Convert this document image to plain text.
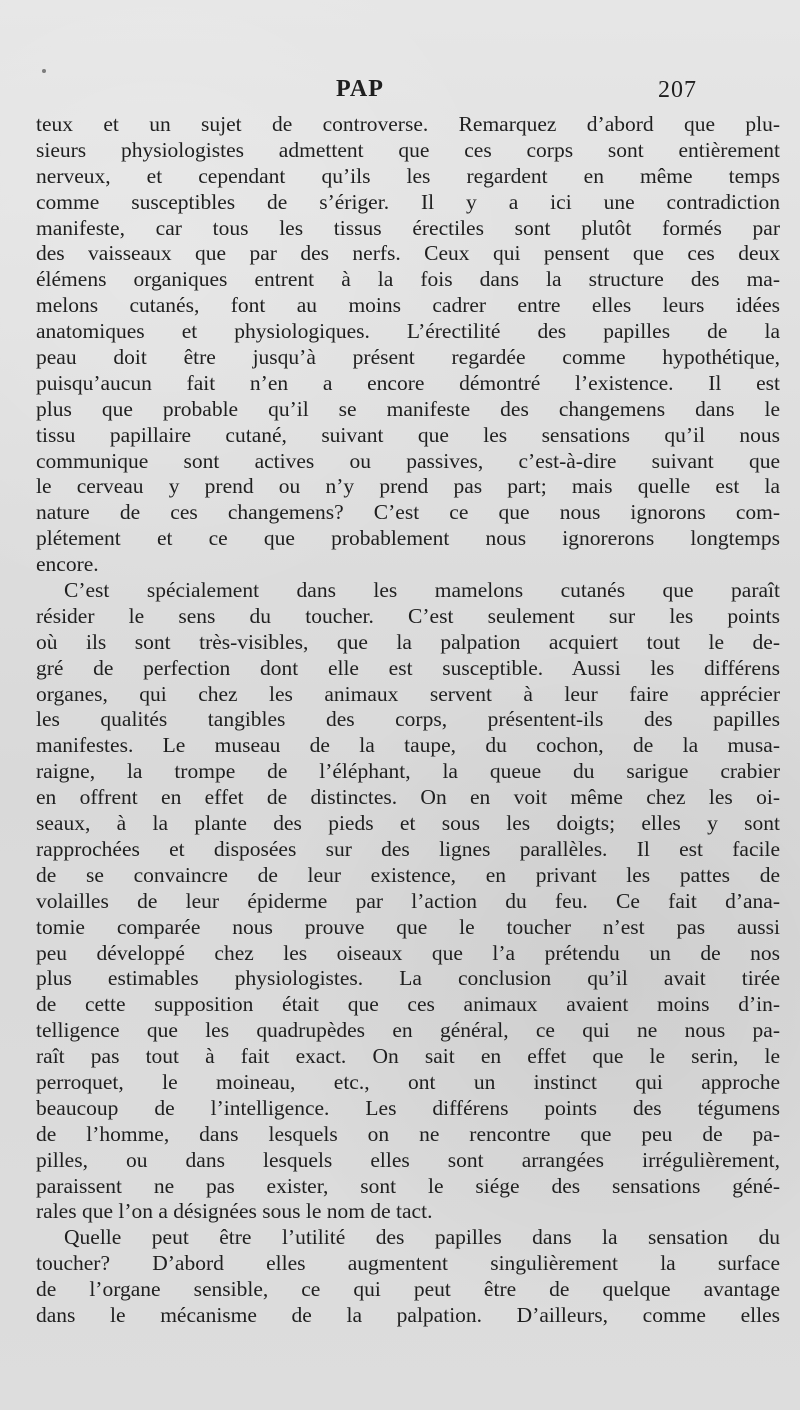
PAP	207
teux et un sujet de controverse. Remarquez d’abord que plu-
sieurs physiologistes admettent que ces corps sont entièrement
nerveux, et cependant qu’ils les regardent en même temps
comme susceptibles de s’ériger. Il y a ici une contradiction
manifeste, car tous les tissus érectiles sont plutôt formés par
des vaisseaux que par des nerfs. Ceux qui pensent que ces deux
élémens organiques entrent à la fois dans la structure des ma-
melons cutanés, font au moins cadrer entre elles leurs idées
anatomiques et physiologiques. L’érectilité des papilles de la
peau doit être jusqu’à présent regardée comme hypothétique,
puisqu’aucun fait n’en a encore démontré l’existence. Il est
plus que probable qu’il se manifeste des changemens dans le
tissu papillaire cutané, suivant que les sensations qu’il nous
communique sont actives ou passives, c’est-à-dire suivant que
le cerveau y prend ou n’y prend pas part; mais quelle est la
nature de ces changemens? C’est ce que nous ignorons com-
plétement et ce que probablement nous ignorerons longtemps
encore.
C’est spécialement dans les mamelons cutanés que paraît
résider le sens du toucher. C’est seulement sur les points
où ils sont très-visibles, que la palpation acquiert tout le de-
gré de perfection dont elle est susceptible. Aussi les différens
organes, qui chez les animaux servent à leur faire apprécier
les qualités tangibles des corps, présentent-ils des papilles
manifestes. Le museau de la taupe, du cochon, de la musa-
raigne, la trompe de l’éléphant, la queue du sarigue crabier
en offrent en effet de distinctes. On en voit même chez les oi-
seaux, à la plante des pieds et sous les doigts; elles y sont
rapprochées et disposées sur des lignes parallèles. Il est facile
de se convaincre de leur existence, en privant les pattes de
volailles de leur épiderme par l’action du feu. Ce fait d’ana-
tomie comparée nous prouve que le toucher n’est pas aussi
peu développé chez les oiseaux que l’a prétendu un de nos
plus estimables physiologistes. La conclusion qu’il avait tirée
de cette supposition était que ces animaux avaient moins d’in-
telligence que les quadrupèdes en général, ce qui ne nous pa-
raît pas tout à fait exact. On sait en effet que le serin, le
perroquet, le moineau, etc., ont un instinct qui approche
beaucoup de l’intelligence. Les différens points des tégumens
de l’homme, dans lesquels on ne rencontre que peu de pa-
pilles, ou dans lesquels elles sont arrangées irrégulièrement,
paraissent ne pas exister, sont le siége des sensations géné-
rales que l’on a désignées sous le nom de tact.
Quelle peut être l’utilité des papilles dans la sensation du
toucher? D’abord elles augmentent singulièrement la surface
de l’organe sensible, ce qui peut être de quelque avantage
dans le mécanisme de la palpation. D’ailleurs, comme elles
